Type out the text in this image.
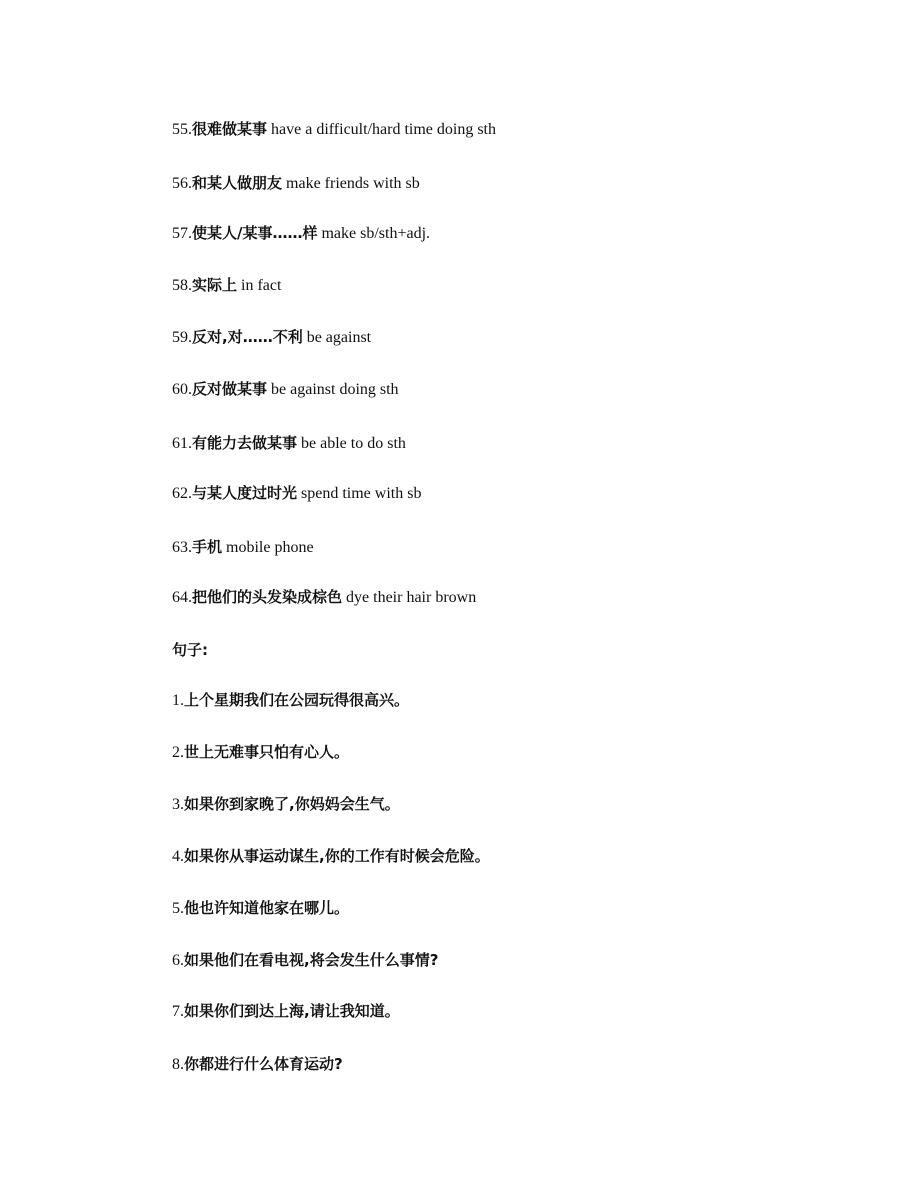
55.很难做某事 have a difficult/hard time doing sth
56.和某人做朋友 make friends with sb
57.使某人/某事……样 make sb/sth+adj.
58.实际上 in fact
59.反对,对……不利 be against
60.反对做某事 be against doing sth
61.有能力去做某事 be able to do sth
62.与某人度过时光 spend time with sb
63.手机 mobile phone
64.把他们的头发染成棕色 dye their hair brown
句子:
1.上个星期我们在公园玩得很高兴。
2.世上无难事只怕有心人。
3.如果你到家晚了,你妈妈会生气。
4.如果你从事运动谋生,你的工作有时候会危险。
5.他也许知道他家在哪儿。
6.如果他们在看电视,将会发生什么事情?
7.如果你们到达上海,请让我知道。
8.你都进行什么体育运动?
